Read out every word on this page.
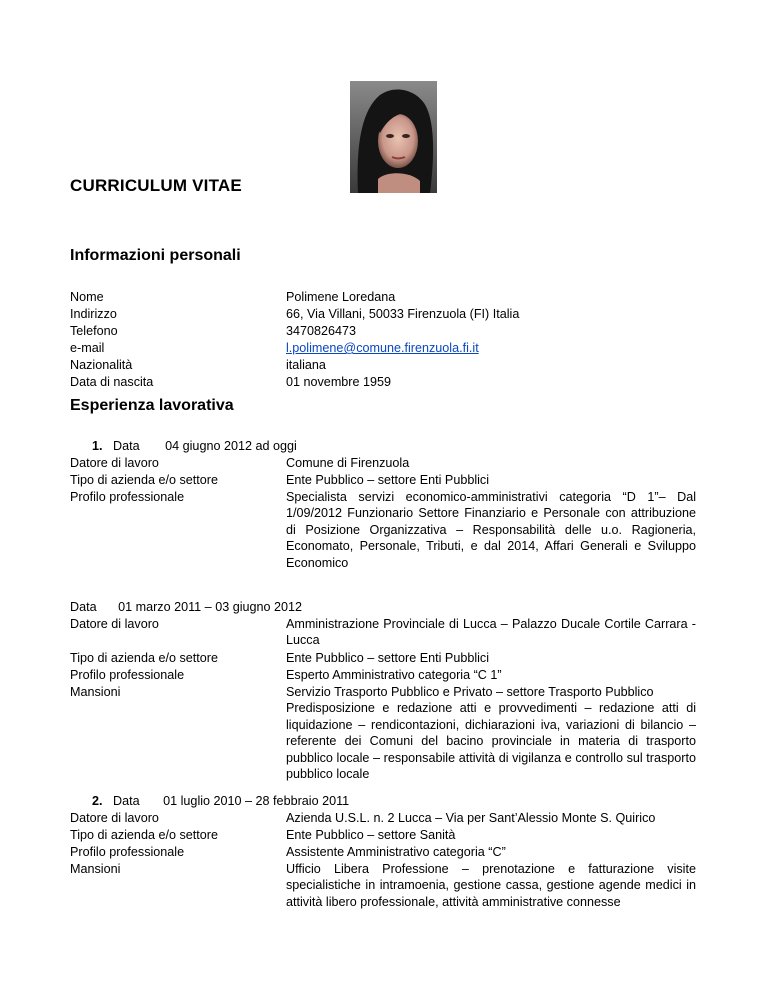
CURRICULUM VITAE
Informazioni personali
Nome	Polimene Loredana
Indirizzo	66, Via Villani, 50033 Firenzuola (FI) Italia
Telefono	3470826473
e-mail	l.polimene@comune.firenzuola.fi.it
Nazionalità	italiana
Data di nascita	01 novembre 1959
Esperienza lavorativa
1. Data 04 giugno 2012 ad oggi
Datore di lavoro	Comune di Firenzuola
Tipo di azienda e/o settore	Ente Pubblico – settore Enti Pubblici
Profilo professionale	Specialista servizi economico-amministrativi categoria “D 1”– Dal 1/09/2012 Funzionario Settore Finanziario e Personale con attribuzione di Posizione Organizzativa – Responsabilità delle u.o. Ragioneria, Economato, Personale, Tributi, e dal 2014, Affari Generali e Sviluppo Economico
Data 01 marzo 2011 – 03 giugno 2012
Datore di lavoro	Amministrazione Provinciale di Lucca – Palazzo Ducale Cortile Carrara - Lucca
Tipo di azienda e/o settore	Ente Pubblico – settore Enti Pubblici
Profilo professionale	Esperto Amministrativo categoria “C 1”
Mansioni	Servizio Trasporto Pubblico e Privato – settore Trasporto Pubblico
Predisposizione e redazione atti e provvedimenti – redazione atti di liquidazione – rendicontazioni, dichiarazioni iva, variazioni di bilancio – referente dei Comuni del bacino provinciale in materia di trasporto pubblico locale – responsabile attività di vigilanza e controllo sul trasporto pubblico locale
2. Data 01 luglio 2010 – 28 febbraio 2011
Datore di lavoro	Azienda U.S.L. n. 2 Lucca – Via per Sant’Alessio Monte S. Quirico
Tipo di azienda e/o settore	Ente Pubblico – settore Sanità
Profilo professionale	Assistente Amministrativo categoria “C”
Mansioni	Ufficio Libera Professione – prenotazione e fatturazione visite specialistiche in intramoenia, gestione cassa, gestione agende medici in attività libero professionale, attività amministrative connesse
